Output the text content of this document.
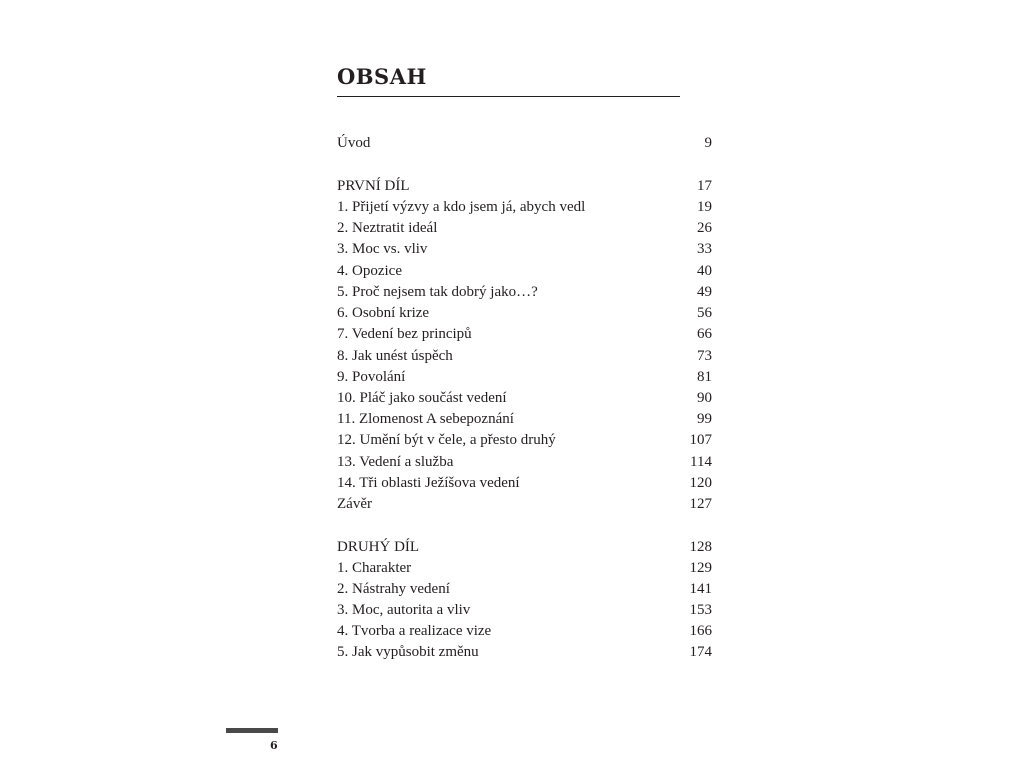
OBSAH
Úvod	9
PRVNÍ DÍL	17
1. Přijetí výzvy a kdo jsem já, abych vedl	19
2. Neztratit ideál	26
3. Moc vs. vliv	33
4. Opozice	40
5. Proč nejsem tak dobrý jako…?	49
6. Osobní krize	56
7. Vedení bez principů	66
8. Jak unést úspěch	73
9. Povolání	81
10. Pláč jako součást vedení	90
11. Zlomenost A sebepoznání	99
12. Umění být v čele, a přesto druhý	107
13. Vedení a služba	114
14. Tři oblasti Ježíšova vedení	120
Závěr	127
DRUHÝ DÍL	128
1. Charakter	129
2. Nástrahy vedení	141
3. Moc, autorita a vliv	153
4. Tvorba a realizace vize	166
5. Jak vypůsobit změnu	174
6
